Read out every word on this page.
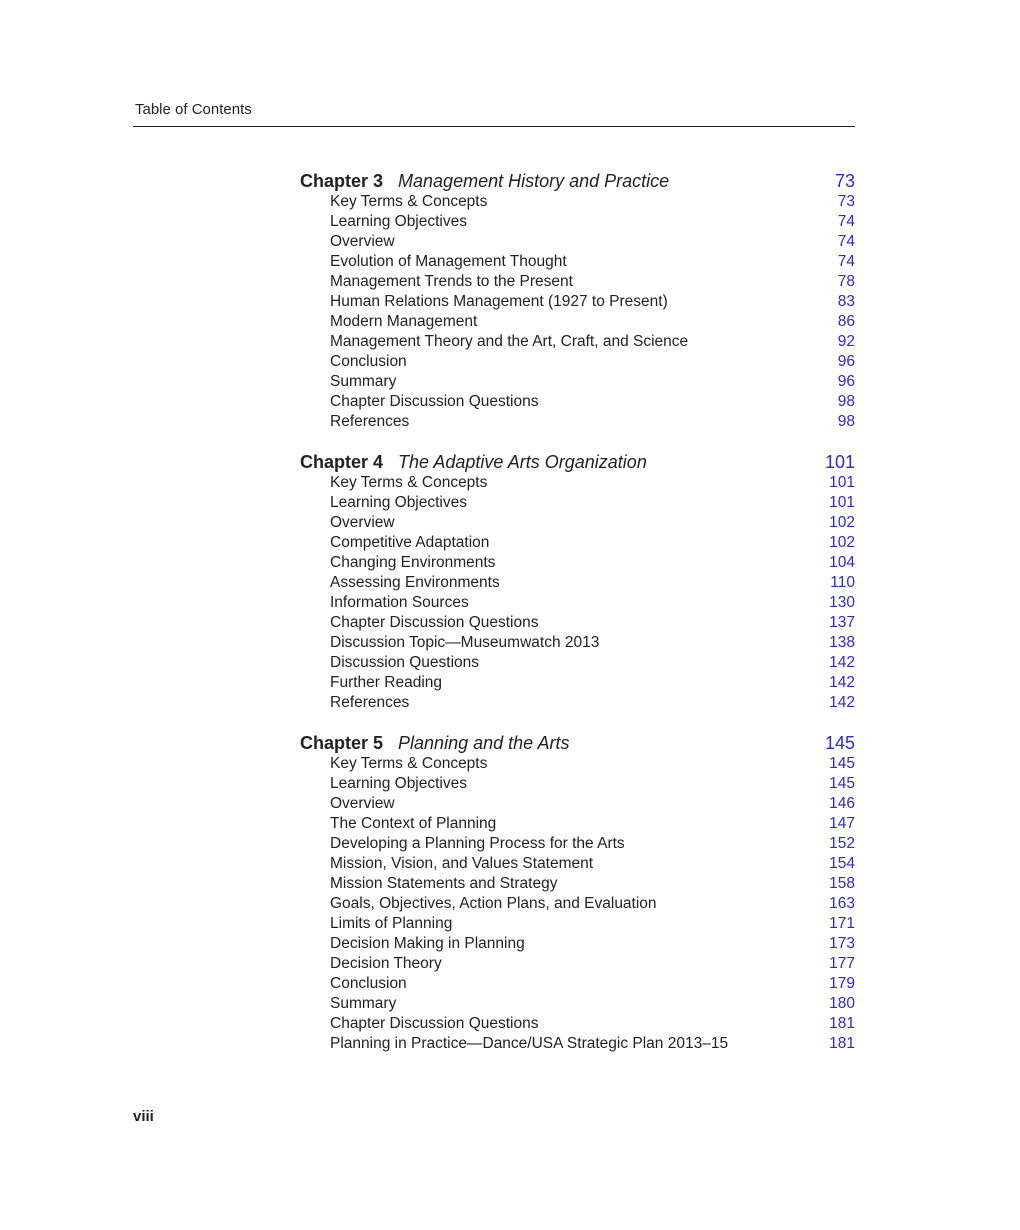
Table of Contents
Chapter 3 Management History and Practice	73
Key Terms & Concepts	73
Learning Objectives	74
Overview	74
Evolution of Management Thought	74
Management Trends to the Present	78
Human Relations Management (1927 to Present)	83
Modern Management	86
Management Theory and the Art, Craft, and Science	92
Conclusion	96
Summary	96
Chapter Discussion Questions	98
References	98
Chapter 4 The Adaptive Arts Organization	101
Key Terms & Concepts	101
Learning Objectives	101
Overview	102
Competitive Adaptation	102
Changing Environments	104
Assessing Environments	110
Information Sources	130
Chapter Discussion Questions	137
Discussion Topic—Museumwatch 2013	138
Discussion Questions	142
Further Reading	142
References	142
Chapter 5 Planning and the Arts	145
Key Terms & Concepts	145
Learning Objectives	145
Overview	146
The Context of Planning	147
Developing a Planning Process for the Arts	152
Mission, Vision, and Values Statement	154
Mission Statements and Strategy	158
Goals, Objectives, Action Plans, and Evaluation	163
Limits of Planning	171
Decision Making in Planning	173
Decision Theory	177
Conclusion	179
Summary	180
Chapter Discussion Questions	181
Planning in Practice—Dance/USA Strategic Plan 2013–15	181
viii
